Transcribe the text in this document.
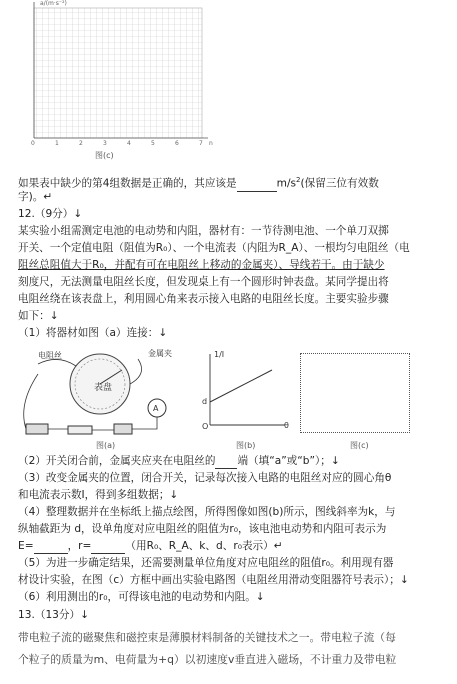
a/(m·s⁻²)
0	1	2	3	4	5	6	7 n
图(c)
如果表中缺少的第4组数据是正确的，其应该是	$m/s^2$(保留三位有效数
字)。↵
12.（9分）↓
某实验小组需测定电池的电动势和内阻，器材有：一节待测电池、一个单刀双掷
开关、一个定值电阻（阻值为R₀）、一个电流表（内阻为R_A）、一根均匀电阻丝（电
阻丝总阻值大于R₀，并配有可在电阻丝上移动的金属夹）、导线若干。由于缺少
刻度尺，无法测量电阻丝长度，但发现桌上有一个圆形时钟表盘。某同学提出将
电阻丝绕在该表盘上，利用圆心角来表示接入电路的电阻丝长度。主要实验步骤
如下：↓
（1）将器材如图（a）连接：↓
A
表盘
电阻丝	金属夹
图(a)
1/I
θ
O
d
图(b)	图(c)
（2）开关闭合前，金属夹应夹在电阻丝的 端（填“a”或“b”）；↓
（3）改变金属夹的位置，闭合开关，记录每次接入电路的电阻丝对应的圆心角θ
和电流表示数I，得到多组数据；↓
（4）整理数据并在坐标纸上描点绘图，所得图像如图(b)所示，图线斜率为k，与
纵轴截距为 d，设单角度对应电阻丝的阻值为r₀，该电池电动势和内阻可表示为
E=	，r=	（用R₀、R_A、k、d、r₀表示）↵
（5）为进一步确定结果，还需要测量单位角度对应电阻丝的阻值r₀。利用现有器
材设计实验，在图（c）方框中画出实验电路图（电阻丝用滑动变阻器符号表示）；↓
（6）利用测出的r₀，可得该电池的电动势和内阻。↓
13.（13分）↓
带电粒子流的磁聚焦和磁控束是薄膜材料制备的关键技术之一。带电粒子流（每
个粒子的质量为m、电荷量为+q）以初速度v垂直进入磁场，不计重力及带电粒
